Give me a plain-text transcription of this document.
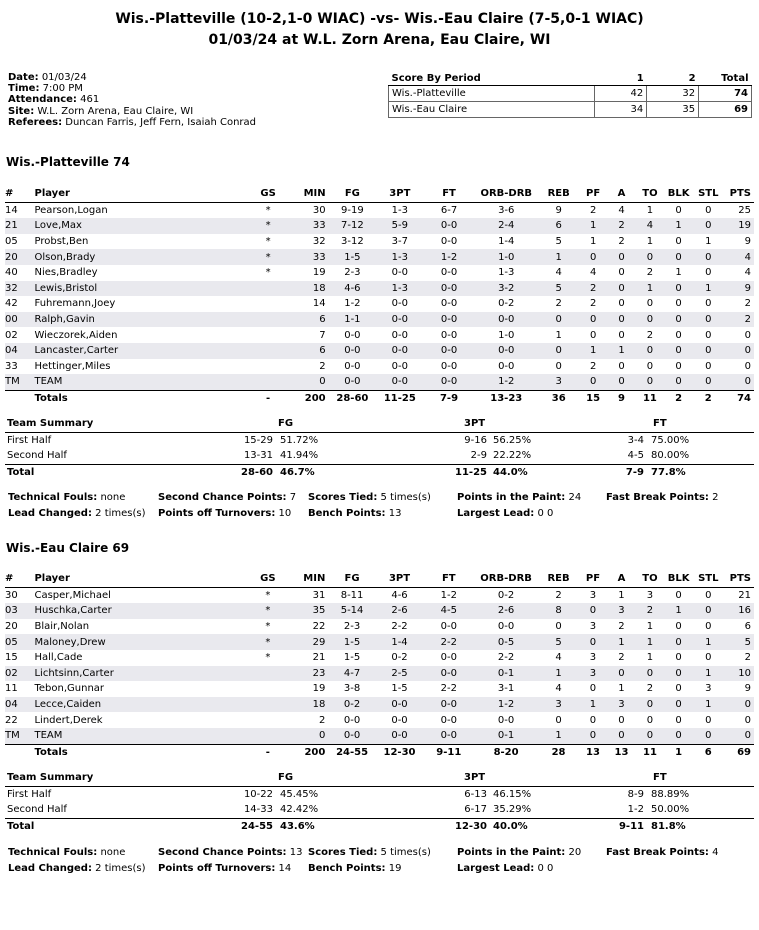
Wis.-Platteville (10-2,1-0 WIAC) -vs- Wis.-Eau Claire (7-5,0-1 WIAC)
01/03/24 at W.L. Zorn Arena, Eau Claire, WI
Date: 01/03/24
Time: 7:00 PM
Attendance: 461
Site: W.L. Zorn Arena, Eau Claire, WI
Referees: Duncan Farris, Jeff Fern, Isaiah Conrad
Score By Period	1	2	Total
Wis.-Platteville	42	32	74
Wis.-Eau Claire	34	35	69
Wis.-Platteville 74
#	Player	GS	MIN	FG	3PT	FT	ORB-DRB	REB	PF	A	TO	BLK	STL	PTS
14	Pearson,Logan	*	30	9-19	1-3	6-7	3-6	9	2	4	1	0	0	25
21	Love,Max	*	33	7-12	5-9	0-0	2-4	6	1	2	4	1	0	19
05	Probst,Ben	*	32	3-12	3-7	0-0	1-4	5	1	2	1	0	1	9
20	Olson,Brady	*	33	1-5	1-3	1-2	1-0	1	0	0	0	0	0	4
40	Nies,Bradley	*	19	2-3	0-0	0-0	1-3	4	4	0	2	1	0	4
32	Lewis,Bristol		18	4-6	1-3	0-0	3-2	5	2	0	1	0	1	9
42	Fuhremann,Joey		14	1-2	0-0	0-0	0-2	2	2	0	0	0	0	2
00	Ralph,Gavin		6	1-1	0-0	0-0	0-0	0	0	0	0	0	0	2
02	Wieczorek,Aiden		7	0-0	0-0	0-0	1-0	1	0	0	2	0	0	0
04	Lancaster,Carter		6	0-0	0-0	0-0	0-0	0	1	1	0	0	0	0
33	Hettinger,Miles		2	0-0	0-0	0-0	0-0	0	2	0	0	0	0	0
TM	TEAM		0	0-0	0-0	0-0	1-2	3	0	0	0	0	0	0
	Totals	-	200	28-60	11-25	7-9	13-23	36	15	9	11	2	2	74
Team Summary	FG	3PT	FT
First Half	15-29 51.72%	9-16 56.25%	3-4 75.00%
Second Half	13-31 41.94%	2-9 22.22%	4-5 80.00%
Total	28-60 46.7%	11-25 44.0%	7-9 77.8%
Technical Fouls: none	Second Chance Points: 7 Scores Tied: 5 times(s)	Points in the Paint: 24 Fast Break Points: 2
Lead Changed: 2 times(s) Points off Turnovers: 10 Bench Points: 13	Largest Lead: 0 0
Wis.-Eau Claire 69
#	Player	GS	MIN	FG	3PT	FT	ORB-DRB	REB	PF	A	TO	BLK	STL	PTS
30	Casper,Michael	*	31	8-11	4-6	1-2	0-2	2	3	1	3	0	0	21
03	Huschka,Carter	*	35	5-14	2-6	4-5	2-6	8	0	3	2	1	0	16
20	Blair,Nolan	*	22	2-3	2-2	0-0	0-0	0	3	2	1	0	0	6
05	Maloney,Drew	*	29	1-5	1-4	2-2	0-5	5	0	1	1	0	1	5
15	Hall,Cade	*	21	1-5	0-2	0-0	2-2	4	3	2	1	0	0	2
02	Lichtsinn,Carter		23	4-7	2-5	0-0	0-1	1	3	0	0	0	1	10
11	Tebon,Gunnar		19	3-8	1-5	2-2	3-1	4	0	1	2	0	3	9
04	Lecce,Caiden		18	0-2	0-0	0-0	1-2	3	1	3	0	0	1	0
22	Lindert,Derek		2	0-0	0-0	0-0	0-0	0	0	0	0	0	0	0
TM	TEAM		0	0-0	0-0	0-0	0-1	1	0	0	0	0	0	0
	Totals	-	200	24-55	12-30	9-11	8-20	28	13	13	11	1	6	69
Team Summary	FG	3PT	FT
First Half	10-22 45.45%	6-13 46.15%	8-9 88.89%
Second Half	14-33 42.42%	6-17 35.29%	1-2 50.00%
Total	24-55 43.6%	12-30 40.0%	9-11 81.8%
Technical Fouls: none	Second Chance Points: 13 Scores Tied: 5 times(s)	Points in the Paint: 20 Fast Break Points: 4
Lead Changed: 2 times(s) Points off Turnovers: 14 Bench Points: 19	Largest Lead: 0 0
